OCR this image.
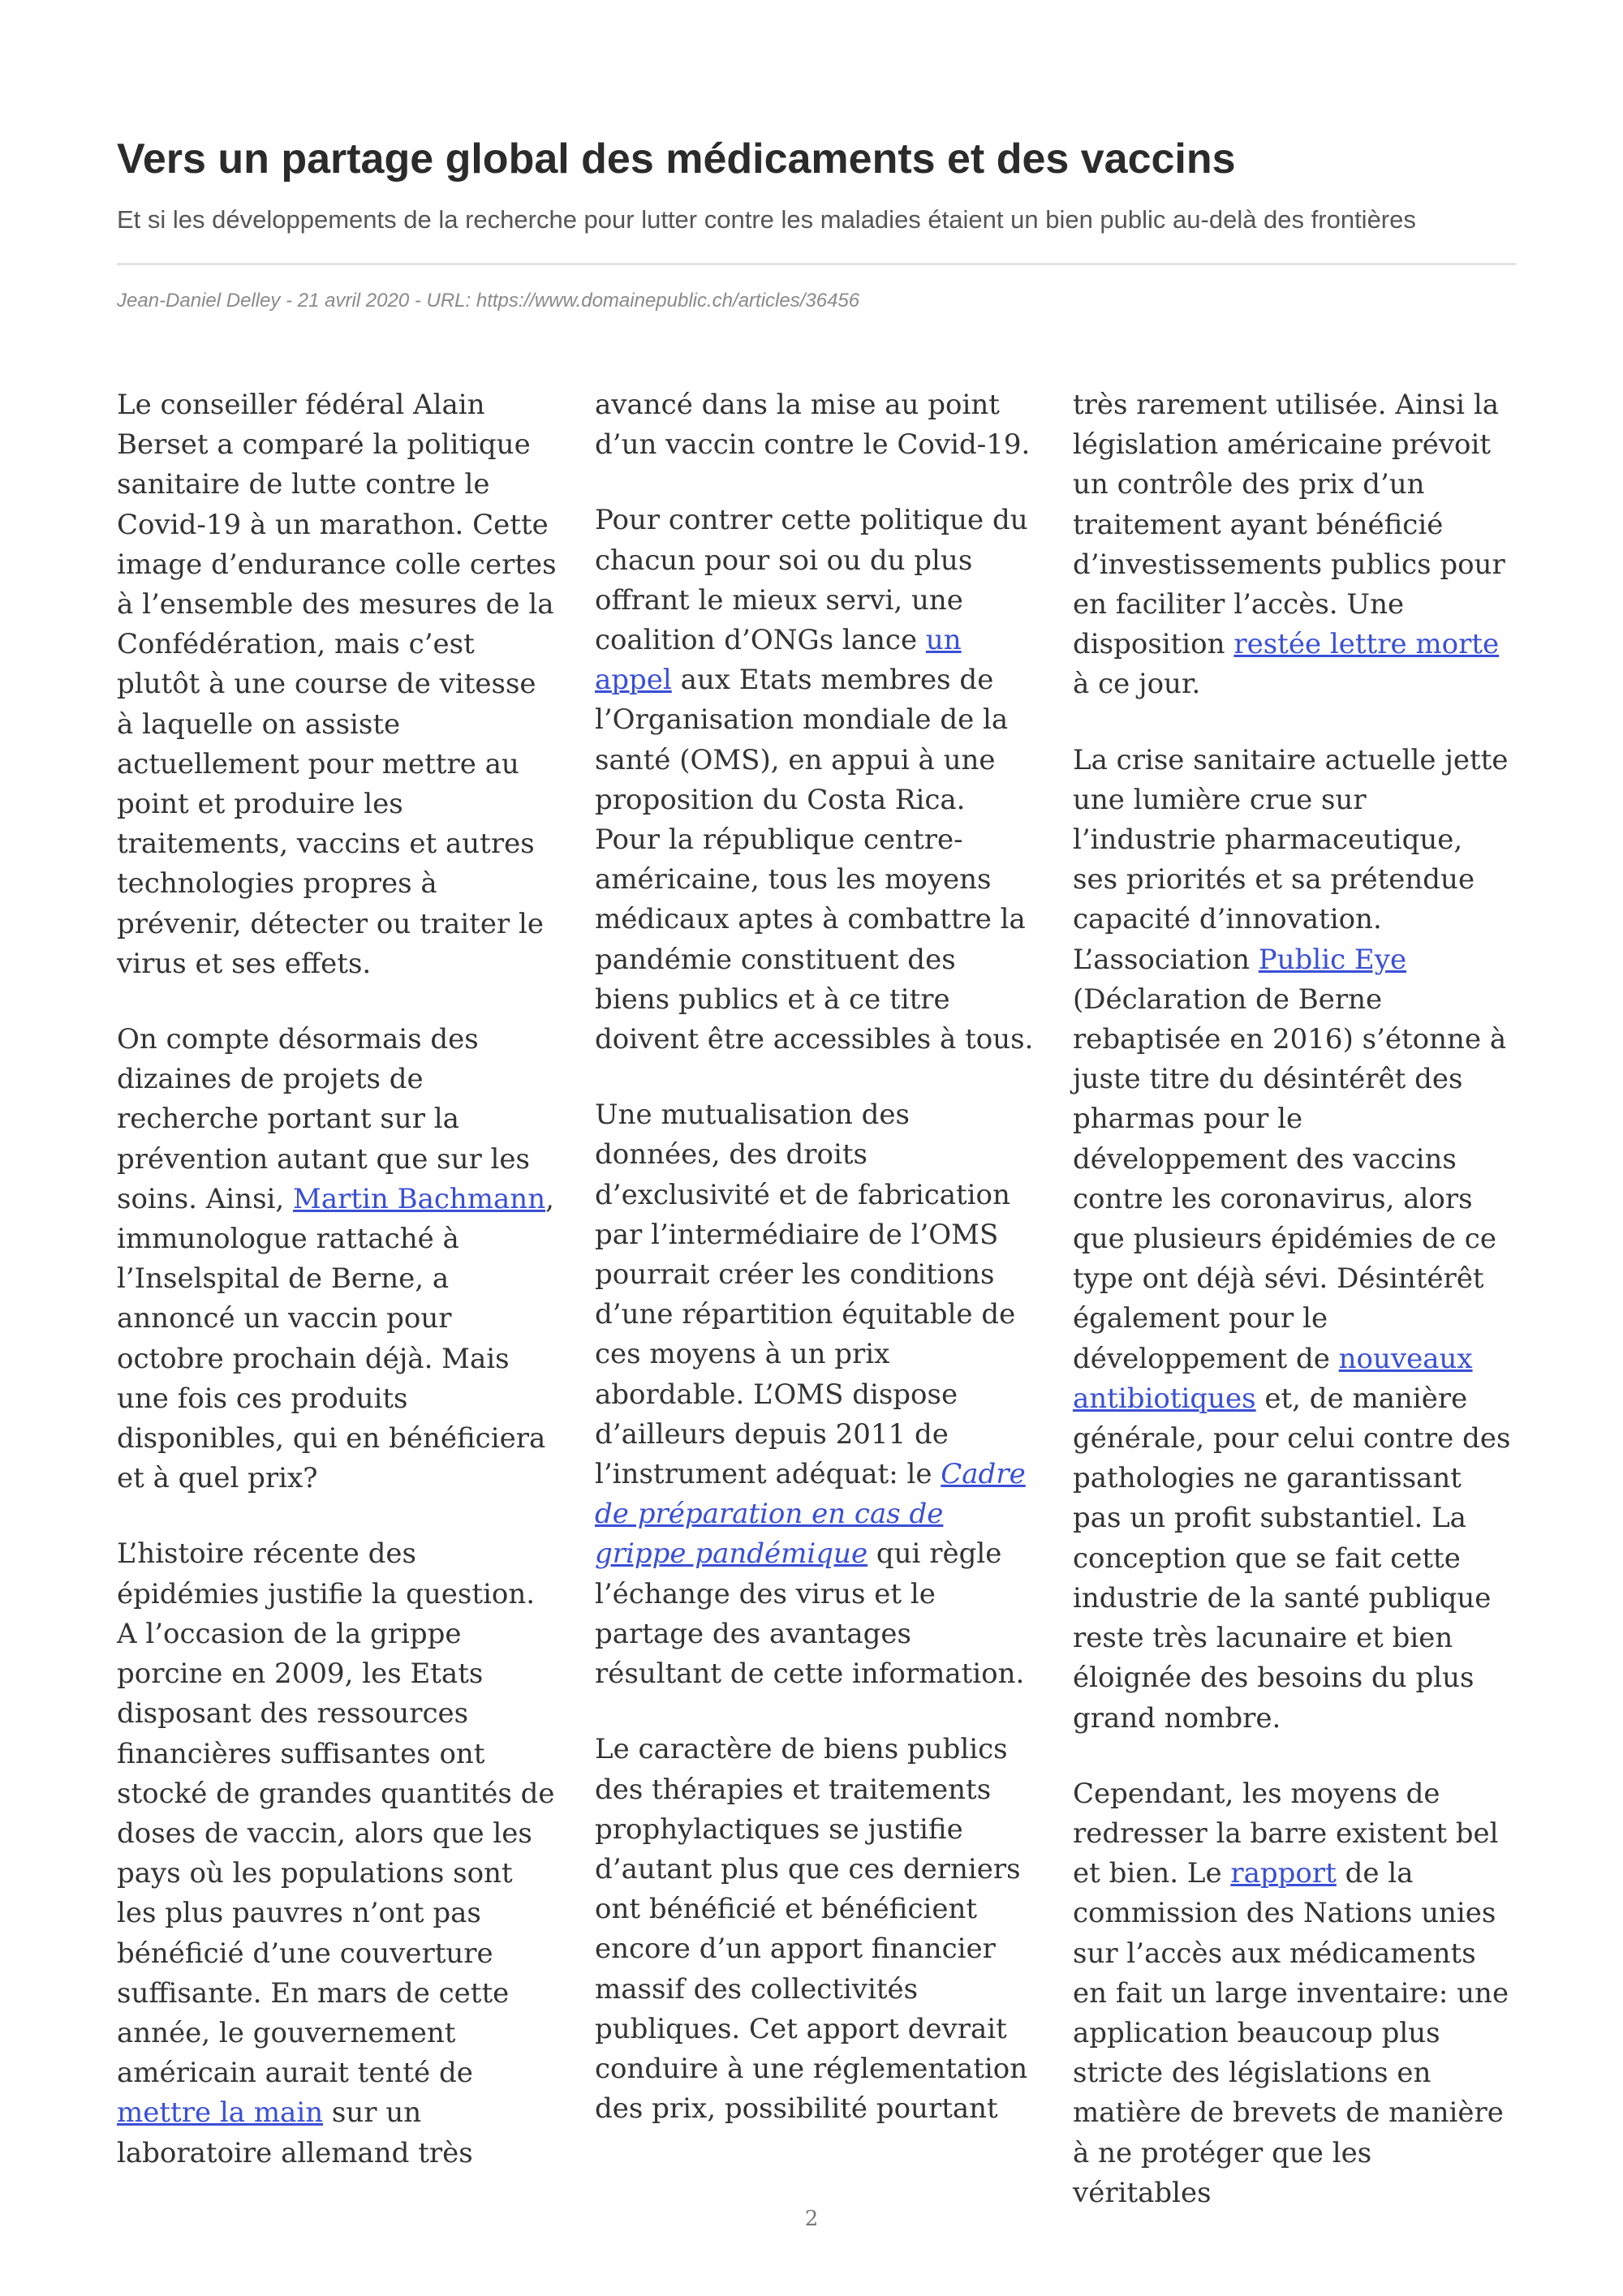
Vers un partage global des médicaments et des vaccins
Et si les développements de la recherche pour lutter contre les maladies étaient un bien public au-delà des frontières
Jean-Daniel Delley - 21 avril 2020 - URL: https://www.domainepublic.ch/articles/36456

Le conseiller fédéral Alain Berset a comparé la politique sanitaire de lutte contre le Covid-19 à un marathon. Cette image d’endurance colle certes à l’ensemble des mesures de la Confédération, mais c’est plutôt à une course de vitesse à laquelle on assiste actuellement pour mettre au point et produire les traitements, vaccins et autres technologies propres à prévenir, détecter ou traiter le virus et ses effets.

On compte désormais des dizaines de projets de recherche portant sur la prévention autant que sur les soins. Ainsi, Martin Bachmann, immunologue rattaché à l’Inselspital de Berne, a annoncé un vaccin pour octobre prochain déjà. Mais une fois ces produits disponibles, qui en bénéficiera et à quel prix?

L’histoire récente des épidémies justifie la question. A l’occasion de la grippe porcine en 2009, les Etats disposant des ressources financières suffisantes ont stocké de grandes quantités de doses de vaccin, alors que les pays où les populations sont les plus pauvres n’ont pas bénéficié d’une couverture suffisante. En mars de cette année, le gouvernement américain aurait tenté de mettre la main sur un laboratoire allemand très

avancé dans la mise au point d’un vaccin contre le Covid-19.

Pour contrer cette politique du chacun pour soi ou du plus offrant le mieux servi, une coalition d’ONGs lance un appel aux Etats membres de l’Organisation mondiale de la santé (OMS), en appui à une proposition du Costa Rica. Pour la république centre-américaine, tous les moyens médicaux aptes à combattre la pandémie constituent des biens publics et à ce titre doivent être accessibles à tous.

Une mutualisation des données, des droits d’exclusivité et de fabrication par l’intermédiaire de l’OMS pourrait créer les conditions d’une répartition équitable de ces moyens à un prix abordable. L’OMS dispose d’ailleurs depuis 2011 de l’instrument adéquat: le Cadre de préparation en cas de grippe pandémique qui règle l’échange des virus et le partage des avantages résultant de cette information.

Le caractère de biens publics des thérapies et traitements prophylactiques se justifie d’autant plus que ces derniers ont bénéficié et bénéficient encore d’un apport financier massif des collectivités publiques. Cet apport devrait conduire à une réglementation des prix, possibilité pourtant

très rarement utilisée. Ainsi la législation américaine prévoit un contrôle des prix d’un traitement ayant bénéficié d’investissements publics pour en faciliter l’accès. Une disposition restée lettre morte à ce jour.

La crise sanitaire actuelle jette une lumière crue sur l’industrie pharmaceutique, ses priorités et sa prétendue capacité d’innovation. L’association Public Eye (Déclaration de Berne rebaptisée en 2016) s’étonne à juste titre du désintérêt des pharmas pour le développement des vaccins contre les coronavirus, alors que plusieurs épidémies de ce type ont déjà sévi. Désintérêt également pour le développement de nouveaux antibiotiques et, de manière générale, pour celui contre des pathologies ne garantissant pas un profit substantiel. La conception que se fait cette industrie de la santé publique reste très lacunaire et bien éloignée des besoins du plus grand nombre.

Cependant, les moyens de redresser la barre existent bel et bien. Le rapport de la commission des Nations unies sur l’accès aux médicaments en fait un large inventaire: une application beaucoup plus stricte des législations en matière de brevets de manière à ne protéger que les véritables

2
